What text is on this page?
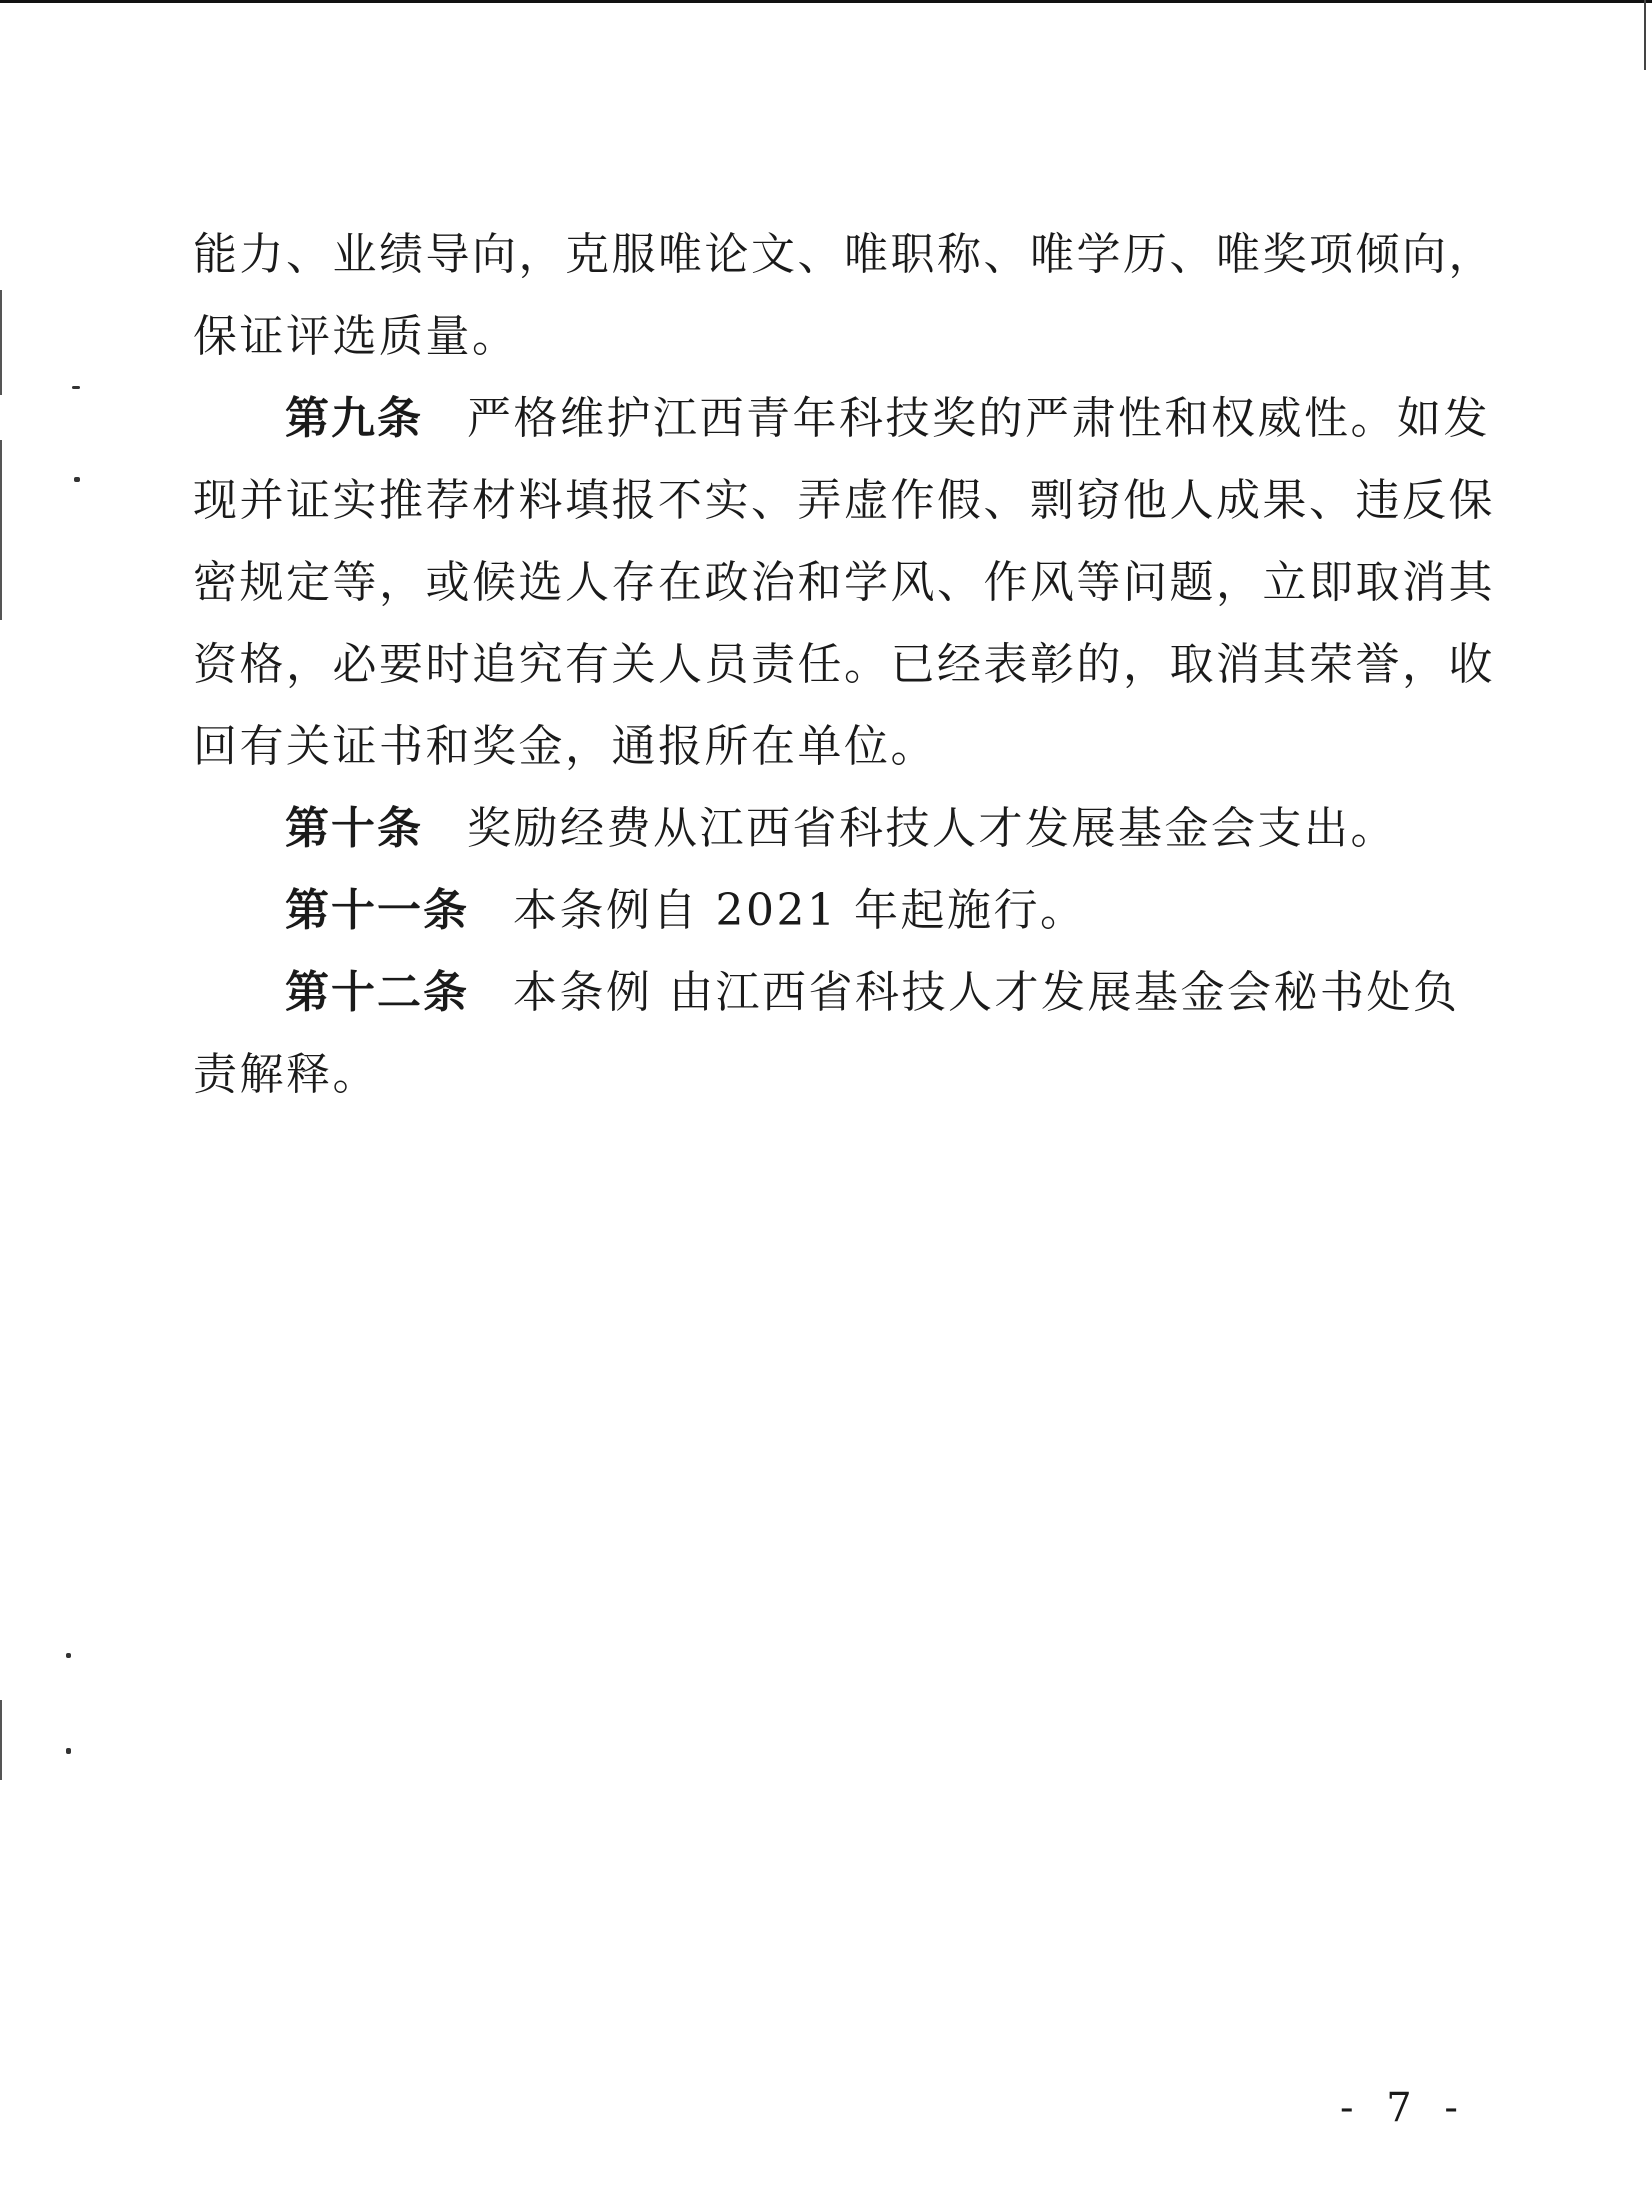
能力、业绩导向，克服唯论文、唯职称、唯学历、唯奖项倾向，
保证评选质量。
第九条 严格维护江西青年科技奖的严肃性和权威性。如发
现并证实推荐材料填报不实、弄虚作假、剽窃他人成果、违反保
密规定等，或候选人存在政治和学风、作风等问题，立即取消其
资格，必要时追究有关人员责任。已经表彰的，取消其荣誉，收
回有关证书和奖金，通报所在单位。
第十条 奖励经费从江西省科技人才发展基金会支出。
第十一条 本条例自 2021 年起施行。
第十二条 本条例 由江西省科技人才发展基金会秘书处负
责解释。
- 7 -
